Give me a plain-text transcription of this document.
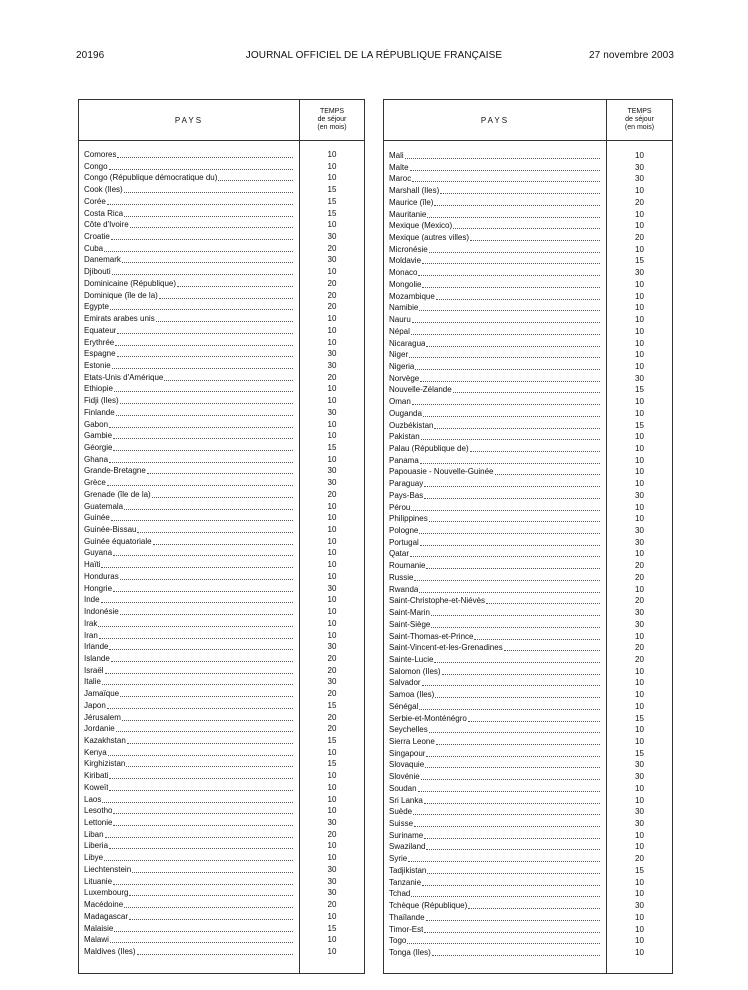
20196	JOURNAL OFFICIEL DE LA RÉPUBLIQUE FRANÇAISE	27 novembre 2003
PAYS
TEMPS
de séjour
(en mois)
Comores	10
Congo	10
Congo (République démocratique du)	10
Cook (Iles)	15
Corée	15
Costa Rica	15
Côte d'Ivoire	10
Croatie	30
Cuba	20
Danemark	30
Djibouti	10
Dominicaine (République)	20
Dominique (île de la)	20
Egypte	20
Emirats arabes unis	10
Equateur	10
Erythrée	10
Espagne	30
Estonie	30
Etats-Unis d'Amérique	20
Ethiopie	10
Fidji (Iles)	10
Finlande	30
Gabon	10
Gambie	10
Géorgie	15
Ghana	10
Grande-Bretagne	30
Grèce	30
Grenade (île de la)	20
Guatemala	10
Guinée	10
Guinée-Bissau	10
Guinée équatoriale	10
Guyana	10
Haïti	10
Honduras	10
Hongrie	30
Inde	10
Indonésie	10
Irak	10
Iran	10
Irlande	30
Islande	20
Israël	20
Italie	30
Jamaïque	20
Japon	15
Jérusalem	20
Jordanie	20
Kazakhstan	15
Kenya	10
Kirghizistan	15
Kiribati	10
Koweït	10
Laos	10
Lesotho	10
Lettonie	30
Liban	20
Liberia	10
Libye	10
Liechtenstein	30
Lituanie	30
Luxembourg	30
Macédoine	20
Madagascar	10
Malaisie	15
Malawi	10
Maldives (Iles)	10
PAYS
TEMPS
de séjour
(en mois)
Mali	10
Malte	30
Maroc	30
Marshall (Iles)	10
Maurice (île)	20
Mauritanie	10
Mexique (Mexico)	10
Mexique (autres villes)	20
Micronésie	10
Moldavie	15
Monaco	30
Mongolie	10
Mozambique	10
Namibie	10
Nauru	10
Népal	10
Nicaragua	10
Niger	10
Nigeria	10
Norvège	30
Nouvelle-Zélande	15
Oman	10
Ouganda	10
Ouzbékistan	15
Pakistan	10
Palau (République de)	10
Panama	10
Papouasie - Nouvelle-Guinée	10
Paraguay	10
Pays-Bas	30
Pérou	10
Philippines	10
Pologne	30
Portugal	30
Qatar	10
Roumanie	20
Russie	20
Rwanda	10
Saint-Christophe-et-Niévès	20
Saint-Marin	30
Saint-Siège	30
Saint-Thomas-et-Prince	10
Saint-Vincent-et-les-Grenadines	20
Sainte-Lucie	20
Salomon (Iles)	10
Salvador	10
Samoa (Iles)	10
Sénégal	10
Serbie-et-Monténégro	15
Seychelles	10
Sierra Leone	10
Singapour	15
Slovaquie	30
Slovénie	30
Soudan	10
Sri Lanka	10
Suède	30
Suisse	30
Suriname	10
Swaziland	10
Syrie	20
Tadjikistan	15
Tanzanie	10
Tchad	10
Tchèque (République)	30
Thaïlande	10
Timor-Est	10
Togo	10
Tonga (Iles)	10
